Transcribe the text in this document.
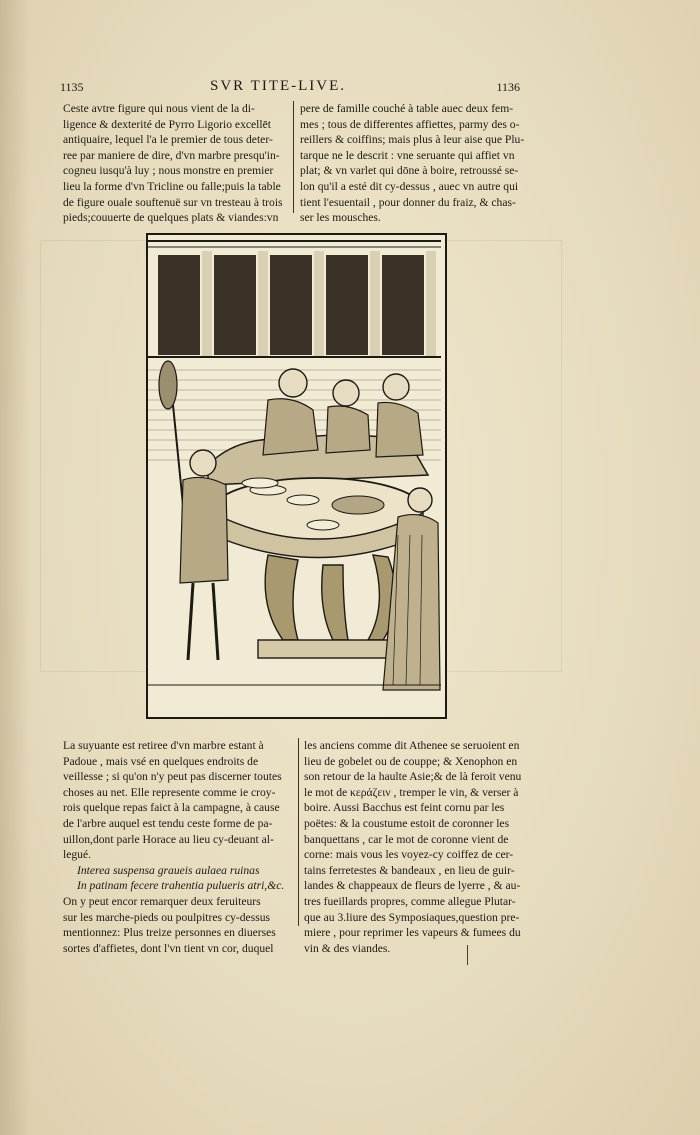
1135	SVR TITE-LIVE.	1136
Ceste avtre figure qui nous vient de la di-
ligence & dexterité de Pyrro Ligorio excellēt
antiquaire, lequel l'a le premier de tous deter-
ree par maniere de dire, d'vn marbre presqu'in-
cogneu iusqu'à luy ; nous monstre en premier
lieu la forme d'vn Tricline ou falle;puis la table
de figure ouale souftenuë sur vn tresteau à trois
pieds;couuerte de quelques plats & viandes:vn
pere de famille couché à table auec deux fem-
mes ; tous de differentes affiettes, parmy des o-
reillers & coiffins; mais plus à leur aise que Plu-
tarque ne le descrit : vne seruante qui affiet vn
plat; & vn varlet qui dōne à boire, retroussé se-
lon qu'il a esté dit cy-dessus , auec vn autre qui
tient l'esuentail , pour donner du fraiz, & chas-
ser les mousches.
La suyuante est retiree d'vn marbre estant à
Padoue , mais vsé en quelques endroits de
veillesse ; si qu'on n'y peut pas discerner toutes
choses au net. Elle represente comme ie croy-
rois quelque repas faict à la campagne, à cause
de l'arbre auquel est tendu ceste forme de pa-
uillon,dont parle Horace au lieu cy-deuant al-
legué.
Interea suspensa graueis aulaea ruinas
In patinam fecere trahentia pulueris atri,&c.
On y peut encor remarquer deux feruiteurs
sur les marche-pieds ou poulpitres cy-dessus
mentionnez: Plus treize personnes en diuerses
sortes d'affietes, dont l'vn tient vn cor, duquel
les anciens comme dit Athenee se seruoient en
lieu de gobelet ou de couppe; & Xenophon en
son retour de la haulte Asie;& de là feroit venu
le mot de κεράζειν , tremper le vin, & verser à
boire. Aussi Bacchus est feint cornu par les
poëtes: & la coustume estoit de coronner les
banquettans , car le mot de coronne vient de
corne: mais vous les voyez-cy coiffez de cer-
tains ferretestes & bandeaux , en lieu de guir-
landes & chappeaux de fleurs de lyerre , & au-
tres fueillards propres, comme allegue Plutar-
que au 3.liure des Symposiaques,question pre-
miere , pour reprimer les vapeurs & fumees du
vin & des viandes.
